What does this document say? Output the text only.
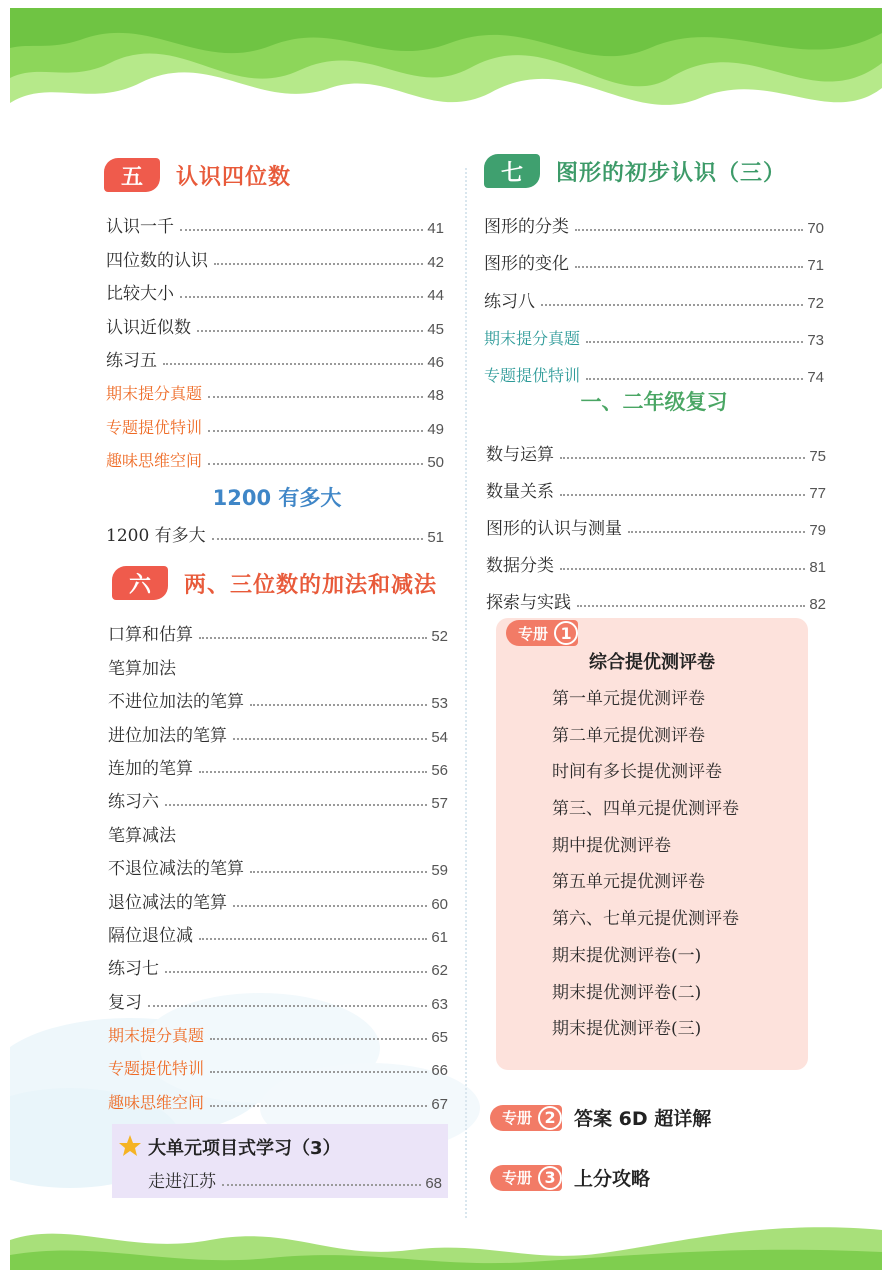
五	认识四位数
认识一千	41
四位数的认识	42
比较大小	44
认识近似数	45
练习五	46
期末提分真题	48
专题提优特训	49
趣味思维空间	50
1200 有多大
1200 有多大	51
六	两、三位数的加法和减法
口算和估算	52
笔算加法
不进位加法的笔算	53
进位加法的笔算	54
连加的笔算	56
练习六	57
笔算减法
不退位减法的笔算	59
退位减法的笔算	60
隔位退位减	61
练习七	62
复习	63
期末提分真题	65
专题提优特训	66
趣味思维空间	67
大单元项目式学习（3）
走进江苏	68
七	图形的初步认识（三）
图形的分类	70
图形的变化	71
练习八	72
期末提分真题	73
专题提优特训	74
一、二年级复习
数与运算	75
数量关系	77
图形的认识与测量	79
数据分类	81
探索与实践	82
综合提优测评卷
第一单元提优测评卷
第二单元提优测评卷
时间有多长提优测评卷
第三、四单元提优测评卷
期中提优测评卷
第五单元提优测评卷
第六、七单元提优测评卷
期末提优测评卷(一)
期末提优测评卷(二)
期末提优测评卷(三)
专册 1
专册 2 答案 6D 超详解
专册 3 上分攻略
